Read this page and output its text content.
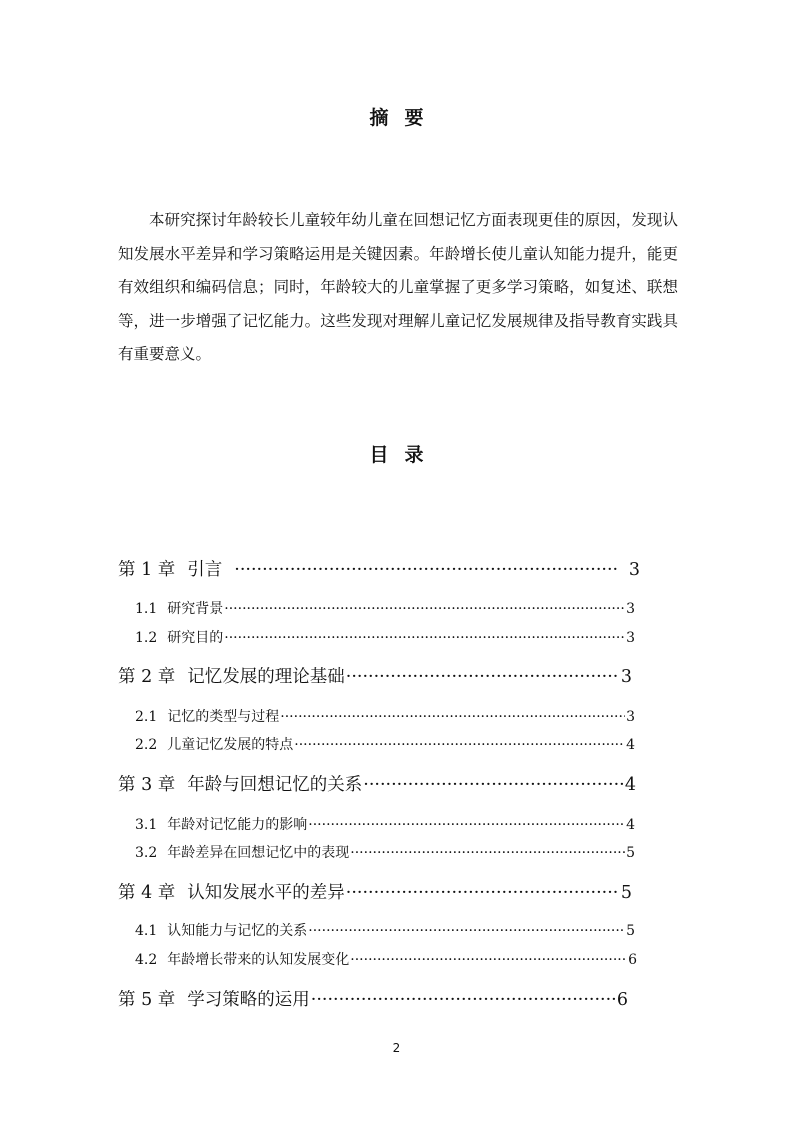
摘要
本研究探讨年龄较长儿童较年幼儿童在回想记忆方面表现更佳的原因，发现认知发展水平差异和学习策略运用是关键因素。年龄增长使儿童认知能力提升，能更有效组织和编码信息；同时，年龄较大的儿童掌握了更多学习策略，如复述、联想等，进一步增强了记忆能力。这些发现对理解儿童记忆发展规律及指导教育实践具有重要意义。
目录
第 1 章 引言 ·····	3
1.1 研究背景 ·····	3
1.2 研究目的 ·····	3
第 2 章 记忆发展的理论基础 ·····	3
2.1 记忆的类型与过程 ·····	3
2.2 儿童记忆发展的特点 ·····	4
第 3 章 年龄与回想记忆的关系 ·····	4
3.1 年龄对记忆能力的影响 ·····	4
3.2 年龄差异在回想记忆中的表现 ·····	5
第 4 章 认知发展水平的差异 ·····	5
4.1 认知能力与记忆的关系 ·····	5
4.2 年龄增长带来的认知发展变化 ·····	6
第 5 章 学习策略的运用 ·····	6
2
